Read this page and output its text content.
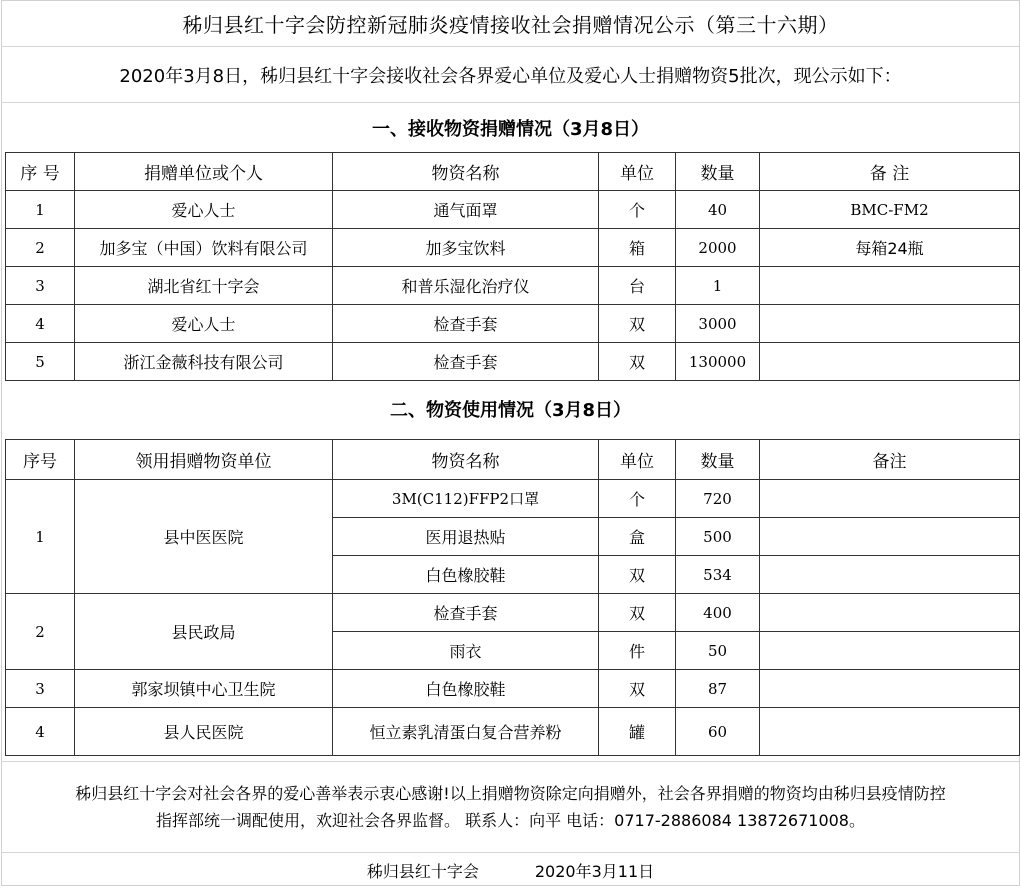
秭归县红十字会防控新冠肺炎疫情接收社会捐赠情况公示（第三十六期）
2020年3月8日，秭归县红十字会接收社会各界爱心单位及爱心人士捐赠物资5批次，现公示如下：
一、接收物资捐赠情况（3月8日）
序 号	捐赠单位或个人	物资名称	单位	数量	备 注
1	爱心人士	通气面罩	个	40	BMC-FM2
2	加多宝（中国）饮料有限公司	加多宝饮料	箱	2000	每箱24瓶
3	湖北省红十字会	和普乐湿化治疗仪	台	1	
4	爱心人士	检查手套	双	3000	
5	浙江金薇科技有限公司	检查手套	双	130000	
二、物资使用情况（3月8日）
序号	领用捐赠物资单位	物资名称	单位	数量	备注
1	县中医医院	3M(C112)FFP2口罩	个	720	
		医用退热贴	盒	500	
		白色橡胶鞋	双	534	
2	县民政局	检查手套	双	400	
		雨衣	件	50	
3	郭家坝镇中心卫生院	白色橡胶鞋	双	87	
4	县人民医院	恒立素乳清蛋白复合营养粉	罐	60	
秭归县红十字会对社会各界的爱心善举表示衷心感谢!以上捐赠物资除定向捐赠外，社会各界捐赠的物资均由秭归县疫情防控
指挥部统一调配使用，欢迎社会各界监督。 联系人：向平 电话：0717-2886084 13872671008。
秭归县红十字会	2020年3月11日
